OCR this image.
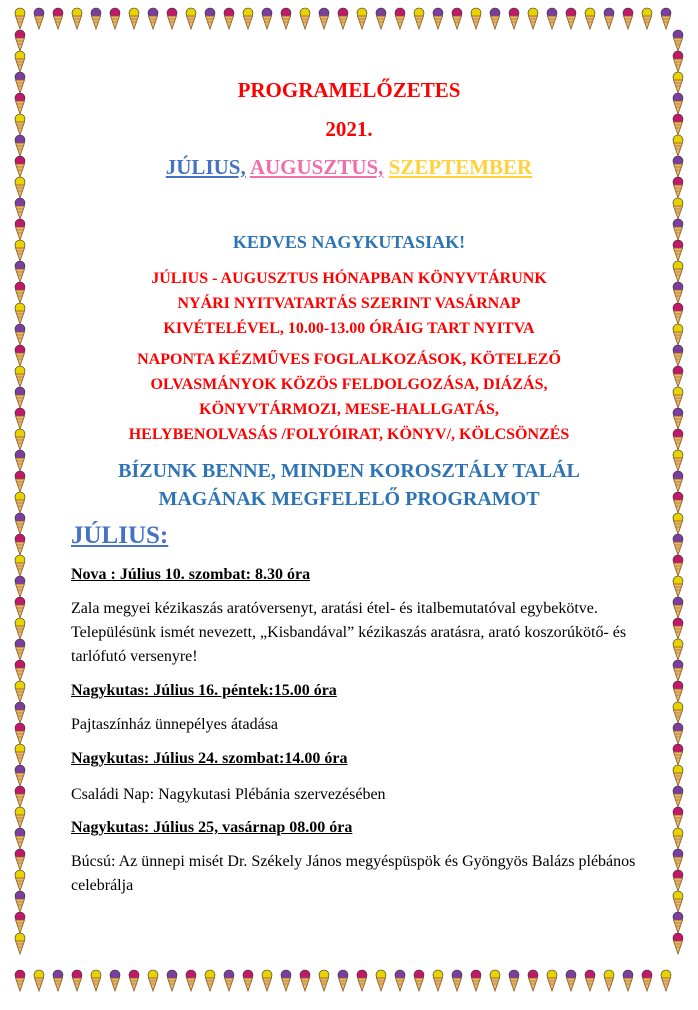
PROGRAMELŐZETES
2021.
JÚLIUS, AUGUSZTUS, SZEPTEMBER
KEDVES NAGYKUTASIAK!
JÚLIUS - AUGUSZTUS HÓNAPBAN KÖNYVTÁRUNK
NYÁRI NYITVATARTÁS SZERINT VASÁRNAP
KIVÉTELÉVEL, 10.00-13.00 ÓRÁIG TART NYITVA
NAPONTA KÉZMŰVES FOGLALKOZÁSOK, KÖTELEZŐ
OLVASMÁNYOK KÖZÖS FELDOLGOZÁSA, DIÁZÁS,
KÖNYVTÁRMOZI, MESE-HALLGATÁS,
HELYBENOLVASÁS /FOLYÓIRAT, KÖNYV/, KÖLCSÖNZÉS
BÍZUNK BENNE, MINDEN KOROSZTÁLY TALÁL
MAGÁNAK MEGFELELŐ PROGRAMOT
JÚLIUS:
Nova : Július 10. szombat: 8.30 óra
Zala megyei kézikaszás aratóversenyt, aratási étel- és italbemutatóval egybekötve. Településünk ismét nevezett, „Kisbandával” kézikaszás aratásra, arató koszorúkötő- és tarlófutó versenyre!
Nagykutas: Július 16. péntek:15.00 óra
Pajtaszínház ünnepélyes átadása
Nagykutas: Július 24. szombat:14.00 óra
Családi Nap: Nagykutasi Plébánia szervezésében
Nagykutas: Július 25, vasárnap 08.00 óra
Búcsú: Az ünnepi misét Dr. Székely János megyéspüspök és Gyöngyös Balázs plébános celebrálja
